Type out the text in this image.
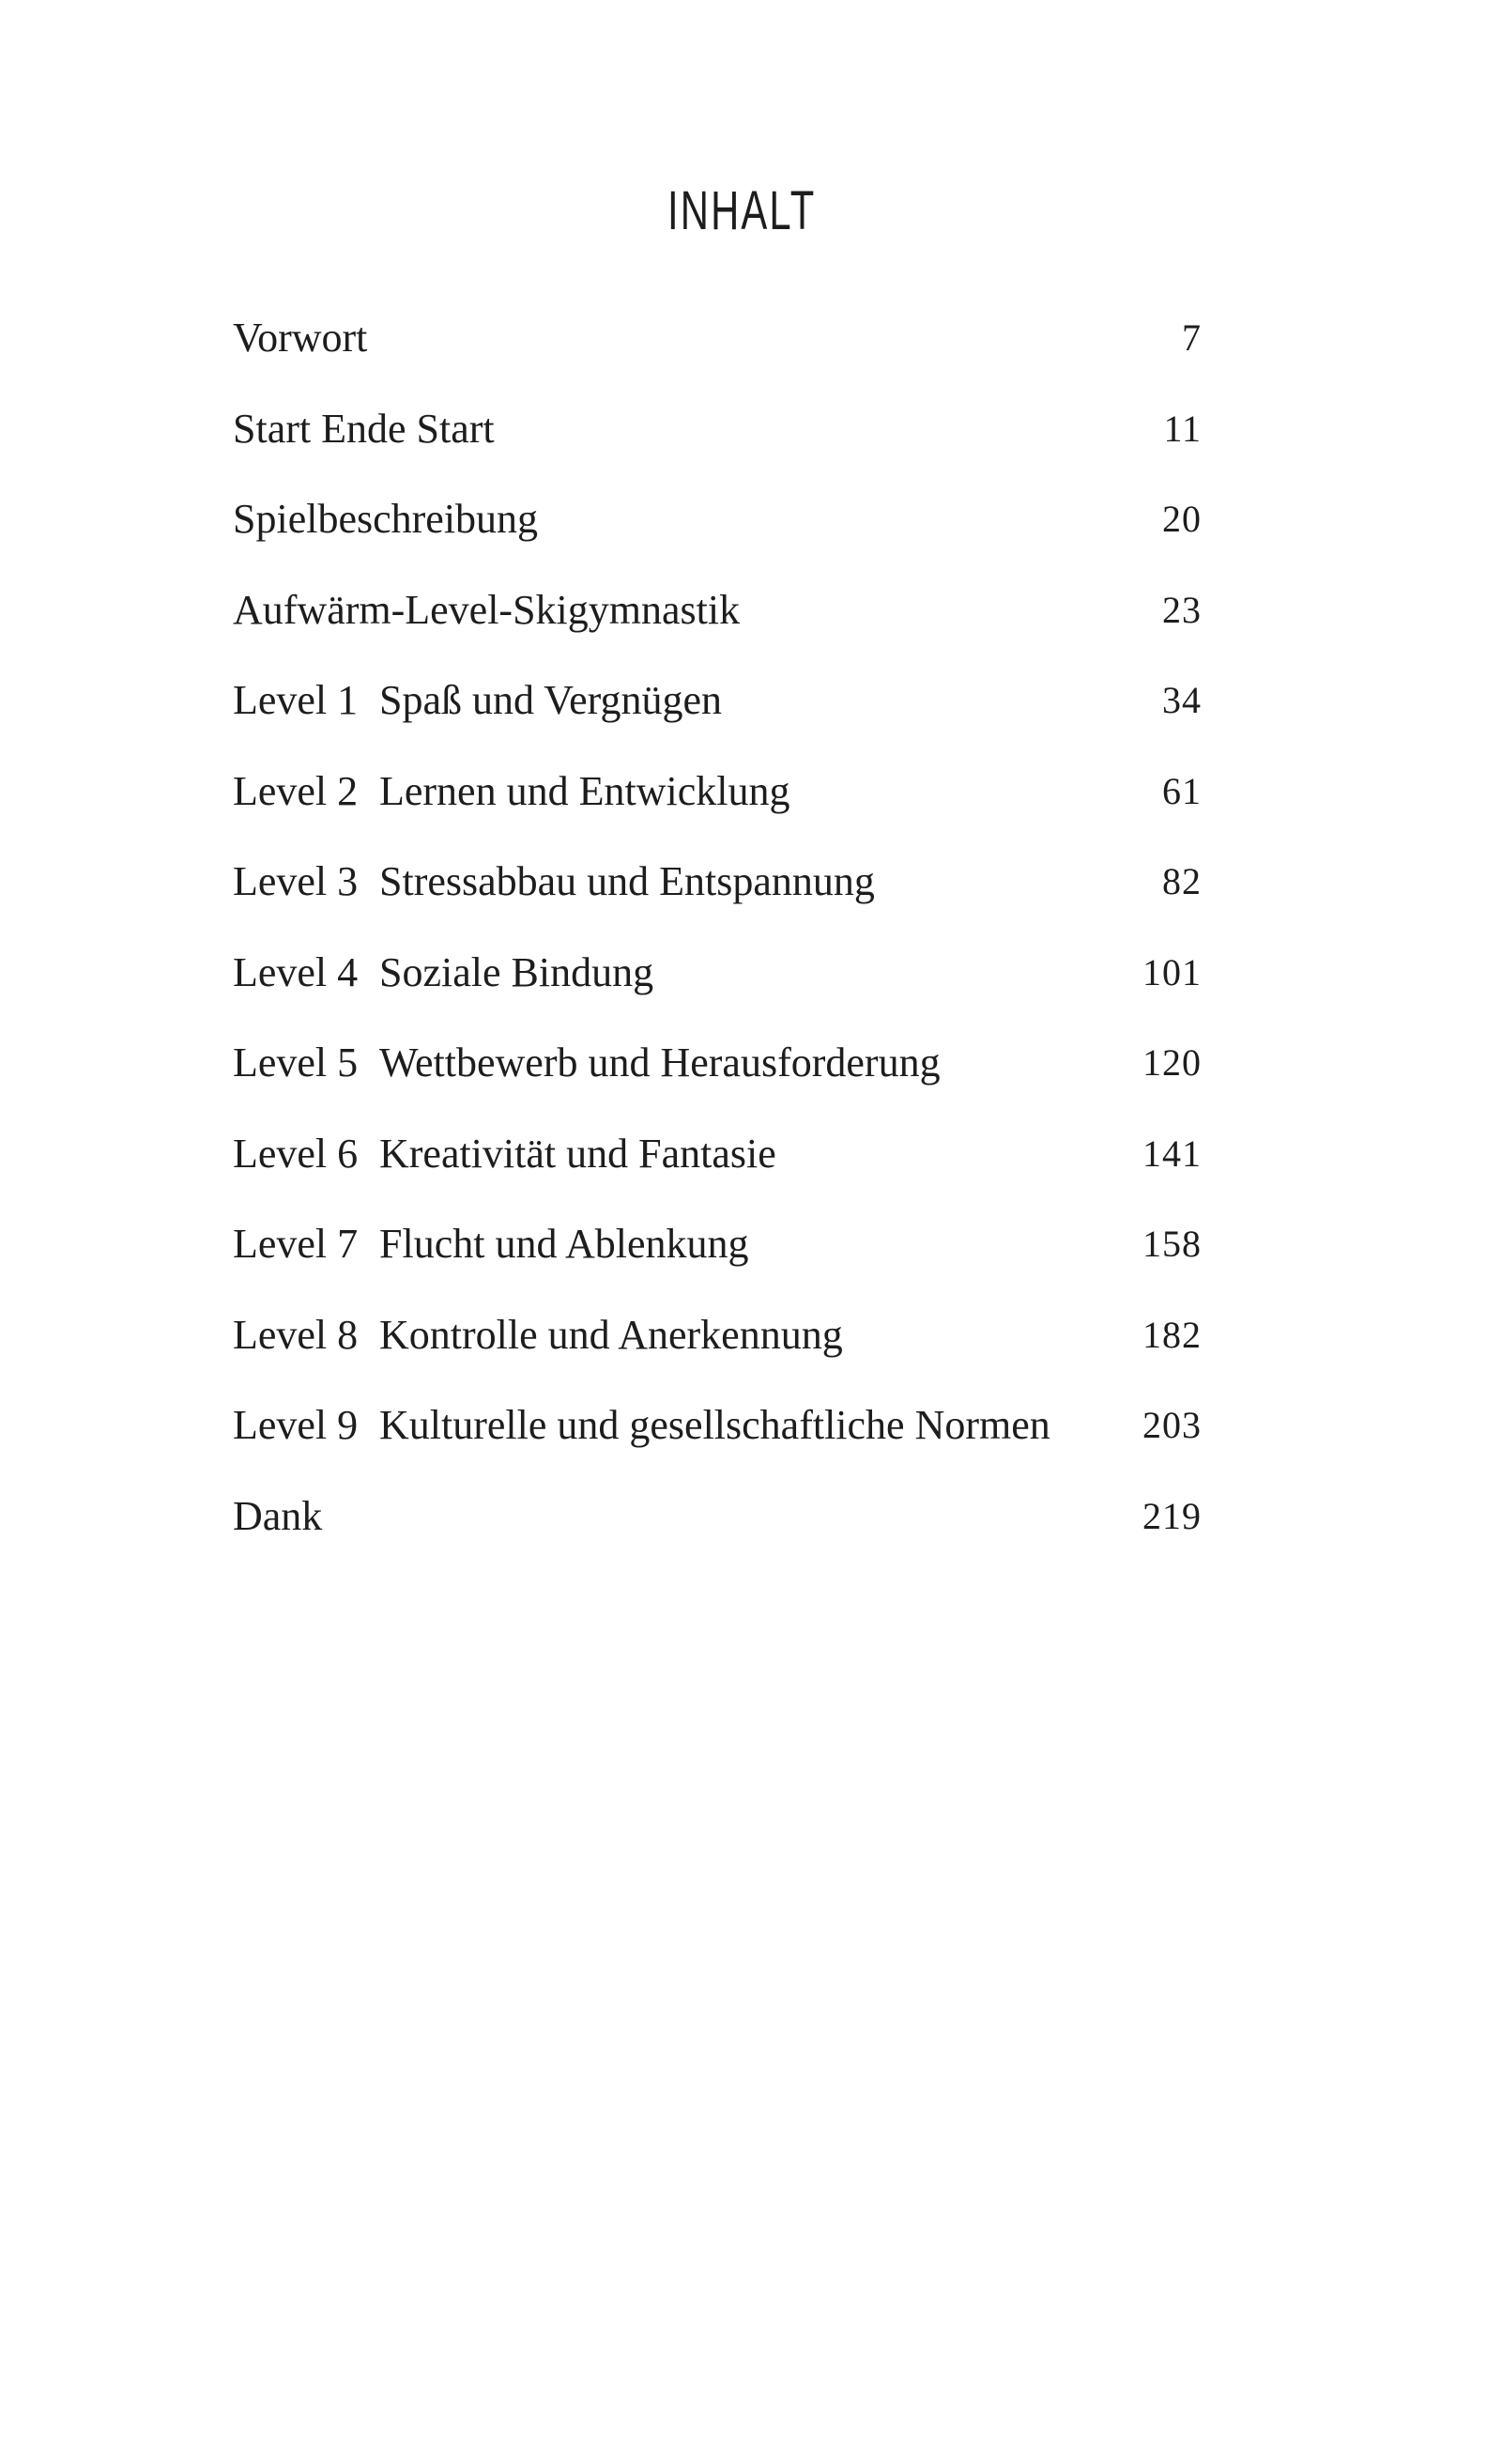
INHALT
Vorwort	7
Start Ende Start	11
Spielbeschreibung	20
Aufwärm-Level-Skigymnastik	23
Level 1 Spaß und Vergnügen	34
Level 2 Lernen und Entwicklung	61
Level 3 Stressabbau und Entspannung	82
Level 4 Soziale Bindung	101
Level 5 Wettbewerb und Herausforderung	120
Level 6 Kreativität und Fantasie	141
Level 7 Flucht und Ablenkung	158
Level 8 Kontrolle und Anerkennung	182
Level 9 Kulturelle und gesellschaftliche Normen 203
Dank	219
